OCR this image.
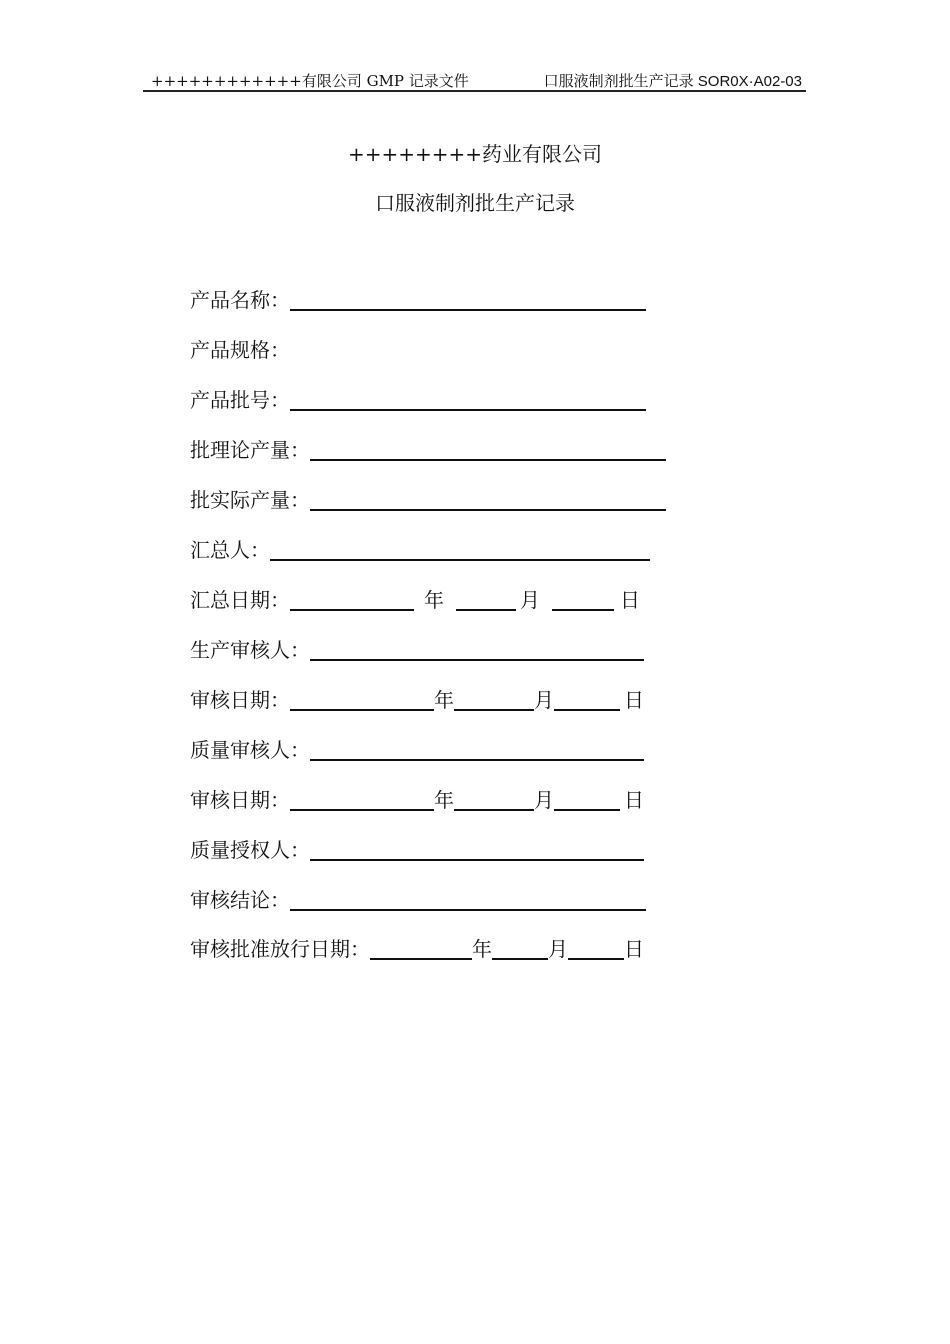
++++++++++++有限公司 GMP 记录文件	口服液制剂批生产记录 SOR0X·A02-03
++++++++药业有限公司
口服液制剂批生产记录
产品名称：
产品规格：
产品批号：
批理论产量：
批实际产量：
汇总人：
汇总日期：	年	月	日
生产审核人：
审核日期：	年	月	日
质量审核人：
审核日期：	年	月	日
质量授权人：
审核结论：
审核批准放行日期：	年	月	日
